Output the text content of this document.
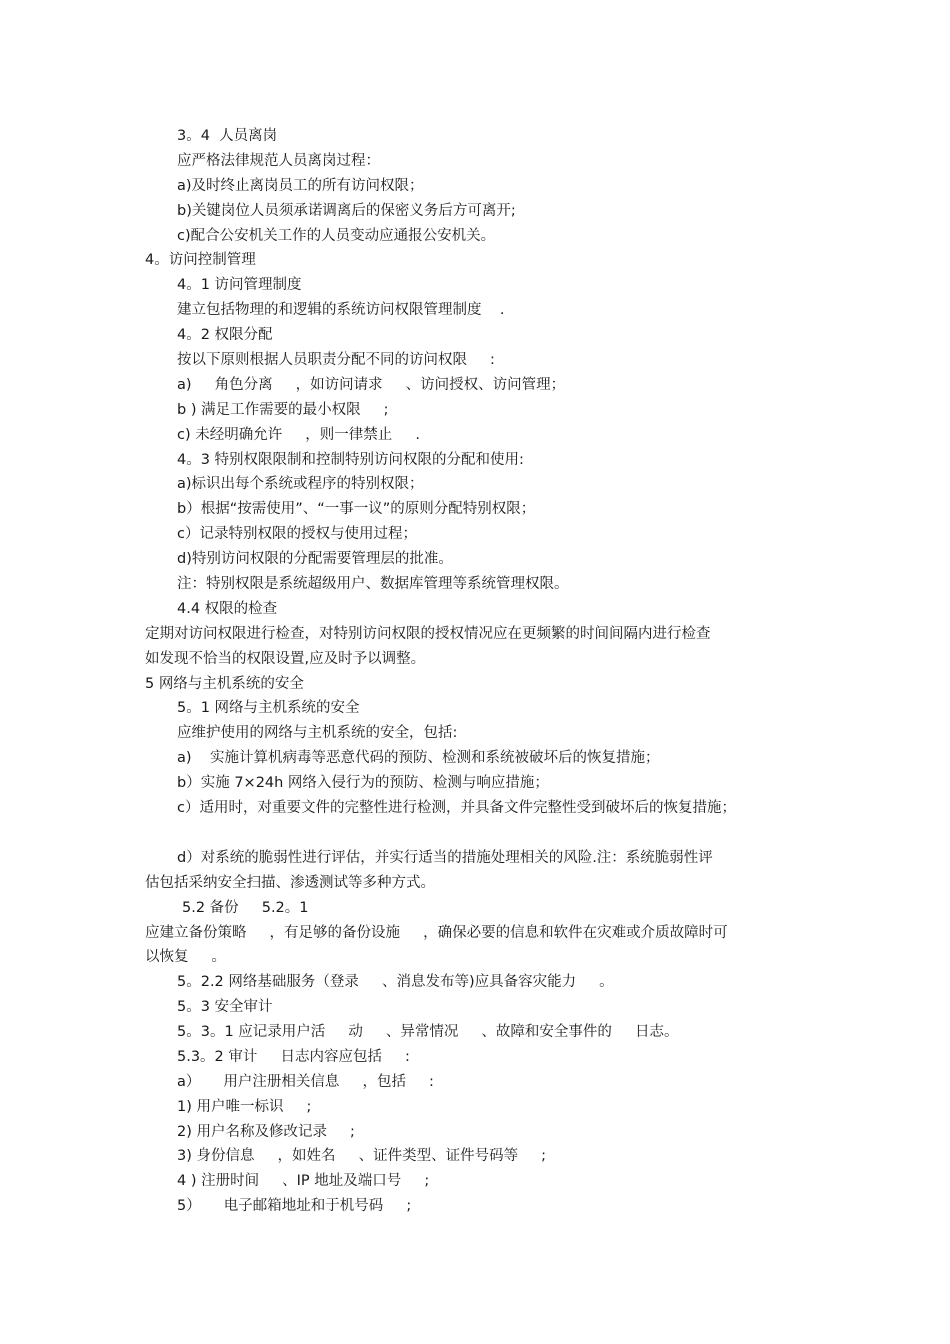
3。4  人员离岗
应严格法律规范人员离岗过程：
a)及时终止离岗员工的所有访问权限；
b)关键岗位人员须承诺调离后的保密义务后方可离开;
c)配合公安机关工作的人员变动应通报公安机关。
4。访问控制管理
4。1 访问管理制度
建立包括物理的和逻辑的系统访问权限管理制度    .
4。2 权限分配
按以下原则根据人员职责分配不同的访问权限     :
a)     角色分离     ，如访问请求     、访问授权、访问管理；
b ) 满足工作需要的最小权限     ;
c) 未经明确允许     ，则一律禁止     .
4。3 特别权限限制和控制特别访问权限的分配和使用:
a)标识出每个系统或程序的特别权限；
b）根据“按需使用”、“一事一议”的原则分配特别权限；
c）记录特别权限的授权与使用过程；
d)特别访问权限的分配需要管理层的批准。
注：特别权限是系统超级用户、数据库管理等系统管理权限。
4.4 权限的检查
定期对访问权限进行检查，对特别访问权限的授权情况应在更频繁的时间间隔内进行检查
如发现不恰当的权限设置,应及时予以调整。
5 网络与主机系统的安全
5。1 网络与主机系统的安全
应维护使用的网络与主机系统的安全，包括:
a)    实施计算机病毒等恶意代码的预防、检测和系统被破坏后的恢复措施；
b）实施 7×24h 网络入侵行为的预防、检测与响应措施；
c）适用时，对重要文件的完整性进行检测，并具备文件完整性受到破坏后的恢复措施；
d）对系统的脆弱性进行评估，并实行适当的措施处理相关的风险.注：系统脆弱性评
估包括采纳安全扫描、渗透测试等多种方式。
5.2 备份     5.2。1
应建立备份策略     ，有足够的备份设施     ，确保必要的信息和软件在灾难或介质故障时可
以恢复     。
5。2.2 网络基础服务（登录     、消息发布等)应具备容灾能力     。
5。3 安全审计
5。3。1 应记录用户活     动     、异常情况     、故障和安全事件的     日志。
5.3。2 审计     日志内容应包括     :
a）     用户注册相关信息     ，包括     :
1) 用户唯一标识     ;
2) 用户名称及修改记录     ;
3) 身份信息     ，如姓名     、证件类型、证件号码等     ;
4 ) 注册时间     、IP 地址及端口号     ;
5）     电子邮箱地址和于机号码     ;
